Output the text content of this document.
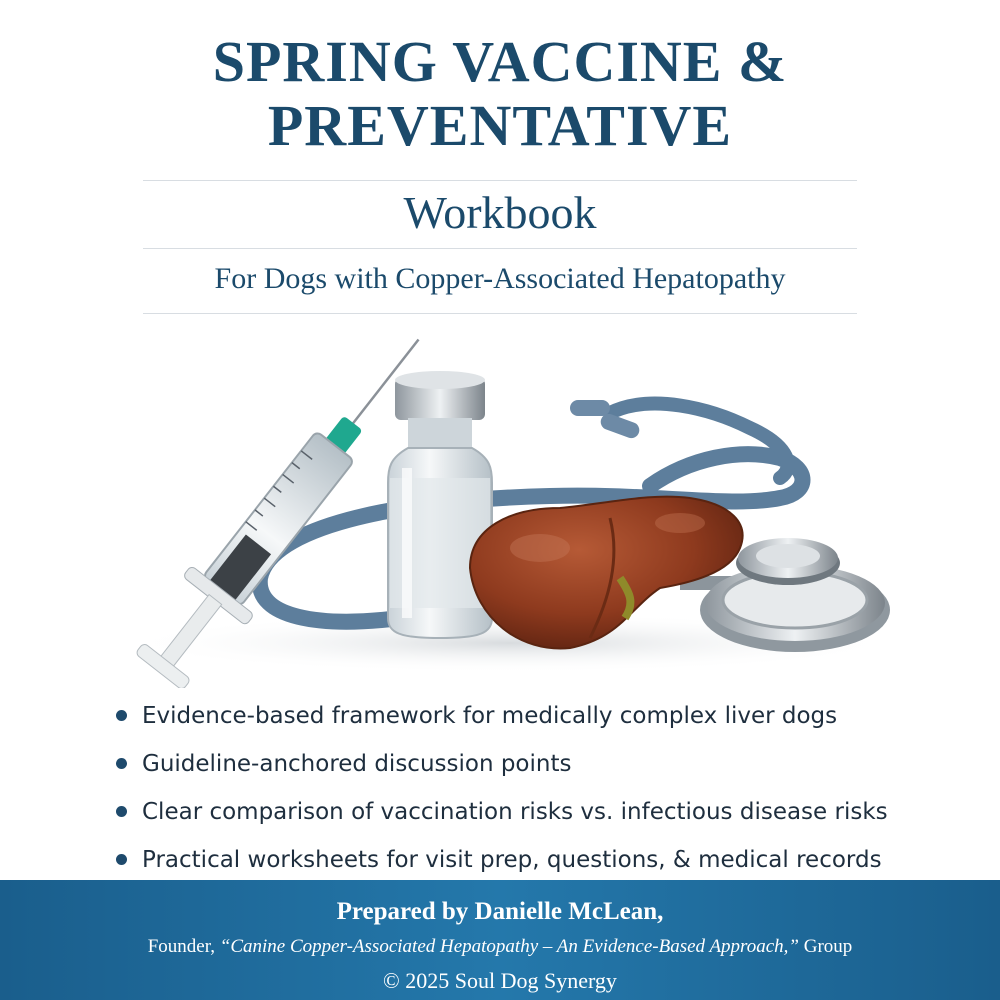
SPRING VACCINE &
PREVENTATIVE
Workbook
For Dogs with Copper-Associated Hepatopathy
Evidence-based framework for medically complex liver dogs
Guideline-anchored discussion points
Clear comparison of vaccination risks vs. infectious disease risks
Practical worksheets for visit prep, questions, & medical records
Prepared by Danielle McLean,
Founder, “Canine Copper-Associated Hepatopathy – An Evidence-Based Approach,” Group
© 2025 Soul Dog Synergy
